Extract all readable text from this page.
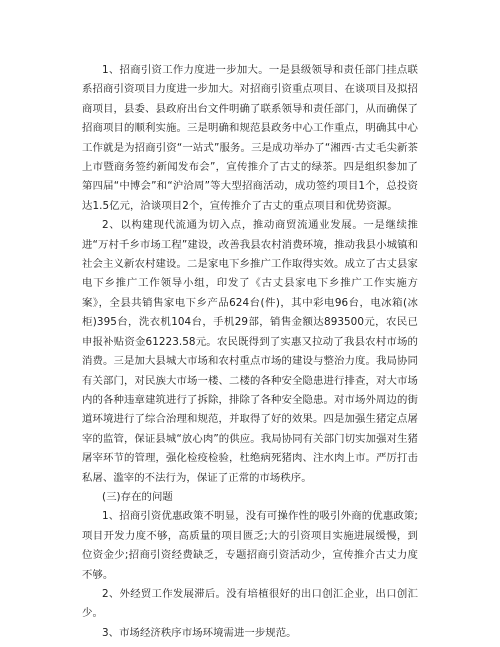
1、招商引资工作力度进一步加大。一是县级领导和责任部门挂点联系招商引资项目力度进一步加大。对招商引资重点项目、在谈项目及拟招商项目，县委、县政府出台文件明确了联系领导和责任部门，从而确保了招商项目的顺利实施。三是明确和规范县政务中心工作重点，明确其中心工作就是为招商引资“一站式”服务。三是成功举办了“湘西·古丈毛尖新茶上市暨商务签约新闻发布会”，宣传推介了古丈的绿茶。四是组织参加了第四届“中博会”和“沪洽周”等大型招商活动，成功签约项目1个，总投资达1.5亿元，洽谈项目2个，宣传推介了古丈的重点项目和优势资源。

2、以构建现代流通为切入点，推动商贸流通业发展。一是继续推进“万村千乡市场工程”建设，改善我县农村消费环境，推动我县小城镇和社会主义新农村建设。二是家电下乡推广工作取得实效。成立了古丈县家电下乡推广工作领导小组，印发了《古丈县家电下乡推广工作实施方案》，全县共销售家电下乡产品624台(件)，其中彩电96台，电冰箱(冰柜)395台，洗衣机104台，手机29部，销售金额达893500元，农民已申报补贴资金61223.58元。农民既得到了实惠又拉动了我县农村市场的消费。三是加大县城大市场和农村重点市场的建设与整治力度。我局协同有关部门，对民族大市场一楼、二楼的各种安全隐患进行排查，对大市场内的各种违章建筑进行了拆除，排除了各种安全隐患。对市场外周边的街道环境进行了综合治理和规范，并取得了好的效果。四是加强生猪定点屠宰的监管，保证县城“放心肉”的供应。我局协同有关部门切实加强对生猪屠宰环节的管理，强化检疫检验，杜绝病死猪肉、注水肉上市。严厉打击私屠、滥宰的不法行为，保证了正常的市场秩序。

(三)存在的问题

1、招商引资优惠政策不明显，没有可操作性的吸引外商的优惠政策;项目开发力度不够，高质量的项目匮乏;大的引资项目实施进展缓慢，到位资金少;招商引资经费缺乏，专题招商引资活动少，宣传推介古丈力度不够。

2、外经贸工作发展滞后。没有培植很好的出口创汇企业，出口创汇少。

3、市场经济秩序市场环境需进一步规范。
